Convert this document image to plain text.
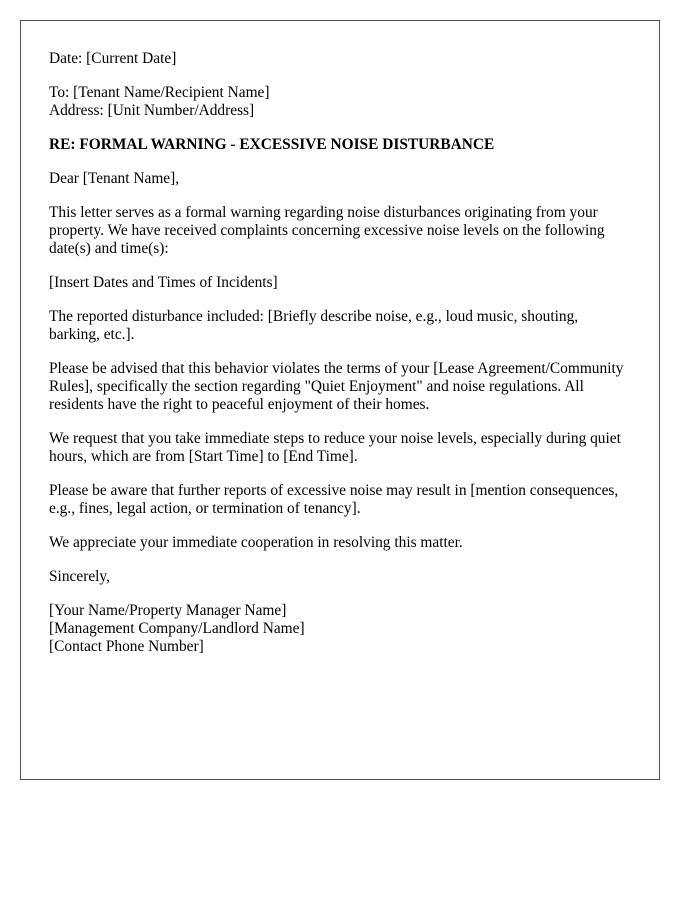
Date: [Current Date]

To: [Tenant Name/Recipient Name]

Address: [Unit Number/Address]

RE: FORMAL WARNING - EXCESSIVE NOISE DISTURBANCE

Dear [Tenant Name],

This letter serves as a formal warning regarding noise disturbances originating from your property. We have received complaints concerning excessive noise levels on the following date(s) and time(s):

[Insert Dates and Times of Incidents]

The reported disturbance included: [Briefly describe noise, e.g., loud music, shouting, barking, etc.].

Please be advised that this behavior violates the terms of your [Lease Agreement/Community Rules], specifically the section regarding "Quiet Enjoyment" and noise regulations. All residents have the right to peaceful enjoyment of their homes.

We request that you take immediate steps to reduce your noise levels, especially during quiet hours, which are from [Start Time] to [End Time].

Please be aware that further reports of excessive noise may result in [mention consequences, e.g., fines, legal action, or termination of tenancy].

We appreciate your immediate cooperation in resolving this matter.

Sincerely,

[Your Name/Property Manager Name]

[Management Company/Landlord Name]

[Contact Phone Number]
